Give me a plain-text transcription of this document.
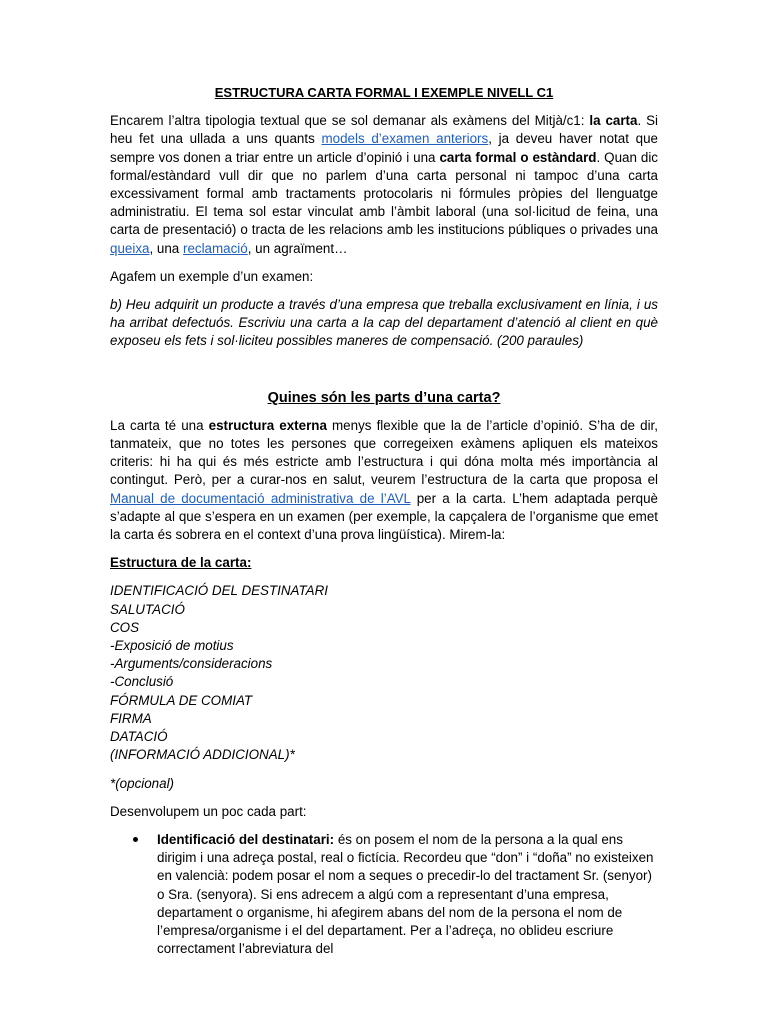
ESTRUCTURA CARTA FORMAL I EXEMPLE NIVELL C1

Encarem l’altra tipologia textual que se sol demanar als exàmens del Mitjà/c1: la carta. Si heu fet una ullada a uns quants models d’examen anteriors, ja deveu haver notat que sempre vos donen a triar entre un article d’opinió i una carta formal o estàndard. Quan dic formal/estàndard vull dir que no parlem d’una carta personal ni tampoc d’una carta excessivament formal amb tractaments protocolaris ni fórmules pròpies del llenguatge administratiu. El tema sol estar vinculat amb l’àmbit laboral (una sol·licitud de feina, una carta de presentació) o tracta de les relacions amb les institucions públiques o privades una queixa, una reclamació, un agraïment…

Agafem un exemple d’un examen:

b) Heu adquirit un producte a través d’una empresa que treballa exclusivament en línia, i us ha arribat defectuós. Escriviu una carta a la cap del departament d’atenció al client en què exposeu els fets i sol·liciteu possibles maneres de compensació. (200 paraules)

Quines són les parts d’una carta?

La carta té una estructura externa menys flexible que la de l’article d’opinió. S’ha de dir, tanmateix, que no totes les persones que corregeixen exàmens apliquen els mateixos criteris: hi ha qui és més estricte amb l’estructura i qui dóna molta més importància al contingut. Però, per a curar-nos en salut, veurem l’estructura de la carta que proposa el Manual de documentació administrativa de l’AVL per a la carta. L’hem adaptada perquè s’adapte al que s’espera en un examen (per exemple, la capçalera de l’organisme que emet la carta és sobrera en el context d’una prova lingüística). Mirem-la:

Estructura de la carta:

IDENTIFICACIÓ DEL DESTINATARI
SALUTACIÓ
COS
-Exposició de motius
-Arguments/consideracions
-Conclusió
FÓRMULA DE COMIAT
FIRMA
DATACIÓ
(INFORMACIÓ ADDICIONAL)*

*(opcional)

Desenvolupem un poc cada part:

Identificació del destinatari: és on posem el nom de la persona a la qual ens dirigim i una adreça postal, real o fictícia. Recordeu que “don” i “doña” no existeixen en valencià: podem posar el nom a seques o precedir-lo del tractament Sr. (senyor) o Sra. (senyora). Si ens adrecem a algú com a representant d’una empresa, departament o organisme, hi afegirem abans del nom de la persona el nom de l’empresa/organisme i el del departament. Per a l’adreça, no oblideu escriure correctament l’abreviatura del
